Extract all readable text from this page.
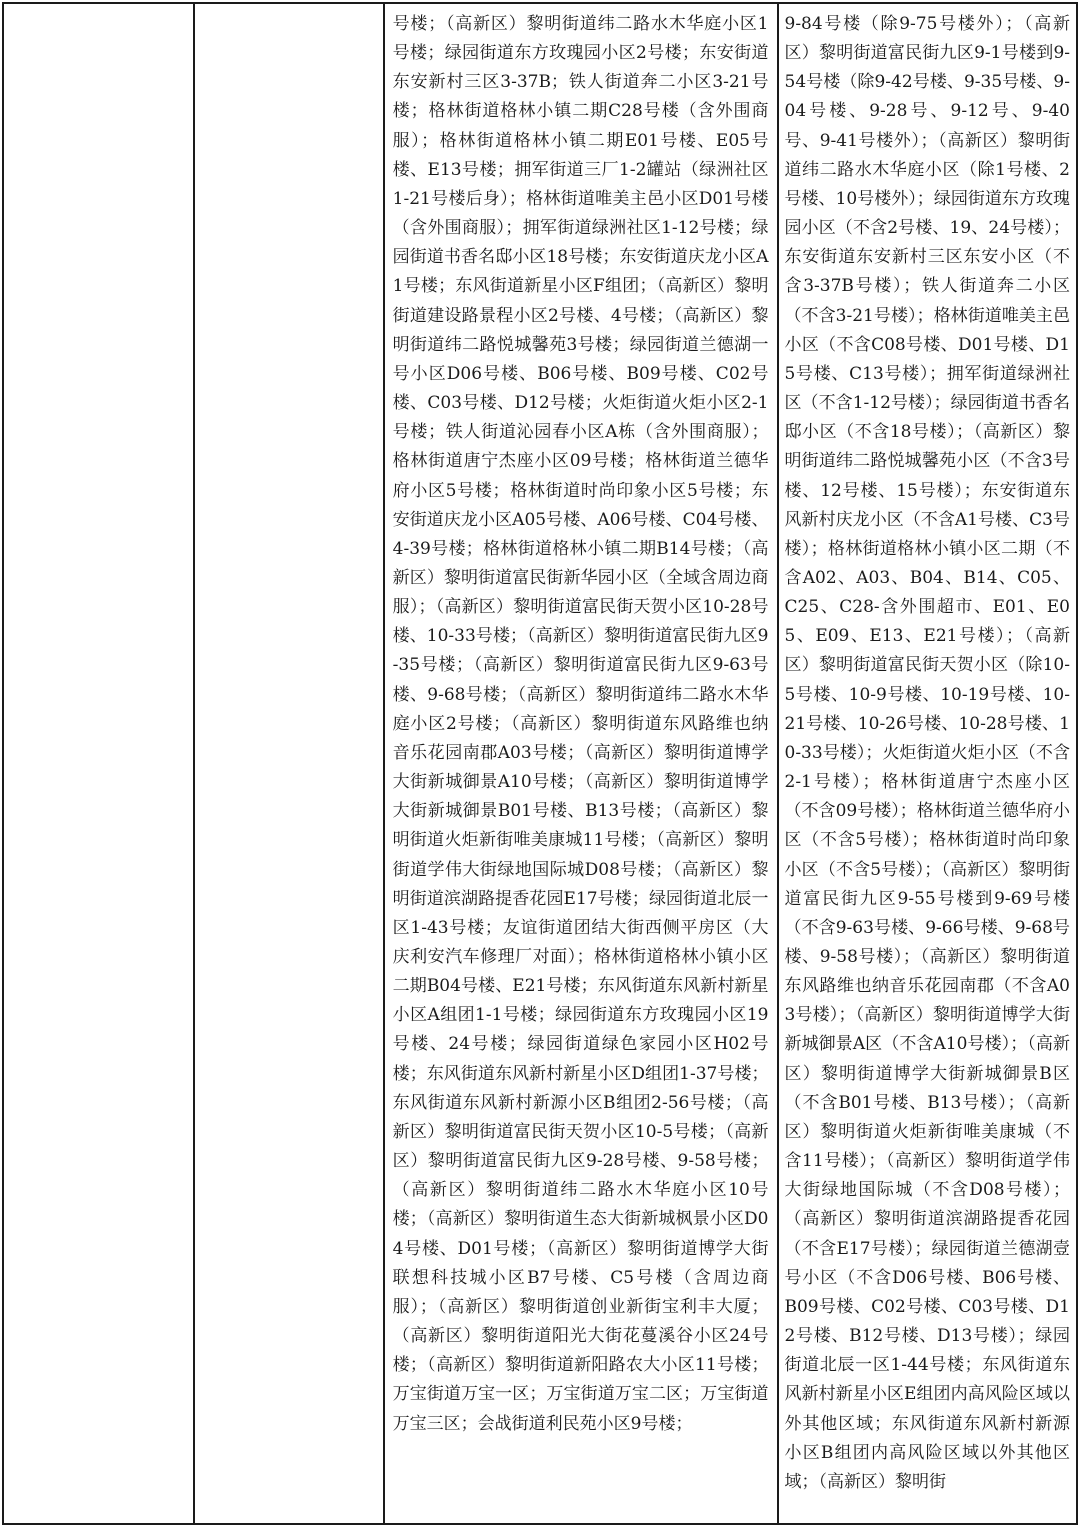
号楼；（高新区）黎明街道纬二路水木华庭小区1号楼；绿园街道东方玫瑰园小区2号楼；东安街道东安新村三区3-37B；铁人街道奔二小区3-21号楼；格林街道格林小镇二期C28号楼（含外围商服）；格林街道格林小镇二期E01号楼、E05号楼、E13号楼；拥军街道三厂1-2罐站（绿洲社区1-21号楼后身）；格林街道唯美主邑小区D01号楼（含外围商服）；拥军街道绿洲社区1-12号楼；绿园街道书香名邸小区18号楼；东安街道庆龙小区A1号楼；东风街道新星小区F组团；（高新区）黎明街道建设路景程小区2号楼、4号楼；（高新区）黎明街道纬二路悦城馨苑3号楼；绿园街道兰德湖一号小区D06号楼、B06号楼、B09号楼、C02号楼、C03号楼、D12号楼；火炬街道火炬小区2-1号楼；铁人街道沁园春小区A栋（含外围商服）；格林街道唐宁杰座小区09号楼；格林街道兰德华府小区5号楼；格林街道时尚印象小区5号楼；东安街道庆龙小区A05号楼、A06号楼、C04号楼、4-39号楼；格林街道格林小镇二期B14号楼；（高新区）黎明街道富民街新华园小区（全域含周边商服）；（高新区）黎明街道富民街天贺小区10-28号楼、10-33号楼；（高新区）黎明街道富民街九区9-35号楼；（高新区）黎明街道富民街九区9-63号楼、9-68号楼；（高新区）黎明街道纬二路水木华庭小区2号楼；（高新区）黎明街道东风路维也纳音乐花园南郡A03号楼；（高新区）黎明街道博学大街新城御景A10号楼；（高新区）黎明街道博学大街新城御景B01号楼、B13号楼；（高新区）黎明街道火炬新街唯美康城11号楼；（高新区）黎明街道学伟大街绿地国际城D08号楼；（高新区）黎明街道滨湖路提香花园E17号楼；绿园街道北辰一区1-43号楼；友谊街道团结大街西侧平房区（大庆利安汽车修理厂对面）；格林街道格林小镇小区二期B04号楼、E21号楼；东风街道东风新村新星小区A组团1-1号楼；绿园街道东方玫瑰园小区19号楼、24号楼；绿园街道绿色家园小区H02号楼；东风街道东风新村新星小区D组团1-37号楼；东风街道东风新村新源小区B组团2-56号楼；（高新区）黎明街道富民街天贺小区10-5号楼；（高新区）黎明街道富民街九区9-28号楼、9-58号楼；（高新区）黎明街道纬二路水木华庭小区10号楼；（高新区）黎明街道生态大街新城枫景小区D04号楼、D01号楼；（高新区）黎明街道博学大街联想科技城小区B7号楼、C5号楼（含周边商服）；（高新区）黎明街道创业新街宝利丰大厦；（高新区）黎明街道阳光大街花蔓溪谷小区24号楼；（高新区）黎明街道新阳路农大小区11号楼；万宝街道万宝一区；万宝街道万宝二区；万宝街道万宝三区；会战街道利民苑小区9号楼；

9-84号楼（除9-75号楼外）；（高新区）黎明街道富民街九区9-1号楼到9-54号楼（除9-42号楼、9-35号楼、9-04号楼、9-28号、9-12号、9-40号、9-41号楼外）；（高新区）黎明街道纬二路水木华庭小区（除1号楼、2号楼、10号楼外）；绿园街道东方玫瑰园小区（不含2号楼、19、24号楼）；东安街道东安新村三区东安小区（不含3-37B号楼）；铁人街道奔二小区（不含3-21号楼）；格林街道唯美主邑小区（不含C08号楼、D01号楼、D15号楼、C13号楼）；拥军街道绿洲社区（不含1-12号楼）；绿园街道书香名邸小区（不含18号楼）；（高新区）黎明街道纬二路悦城馨苑小区（不含3号楼、12号楼、15号楼）；东安街道东风新村庆龙小区（不含A1号楼、C3号楼）；格林街道格林小镇小区二期（不含A02、A03、B04、B14、C05、C25、C28-含外围超市、E01、E05、E09、E13、E21号楼）；（高新区）黎明街道富民街天贺小区（除10-5号楼、10-9号楼、10-19号楼、10-21号楼、10-26号楼、10-28号楼、10-33号楼）；火炬街道火炬小区（不含2-1号楼）；格林街道唐宁杰座小区（不含09号楼）；格林街道兰德华府小区（不含5号楼）；格林街道时尚印象小区（不含5号楼）；（高新区）黎明街道富民街九区9-55号楼到9-69号楼（不含9-63号楼、9-66号楼、9-68号楼、9-58号楼）；（高新区）黎明街道东风路维也纳音乐花园南郡（不含A03号楼）；（高新区）黎明街道博学大街新城御景A区（不含A10号楼）；（高新区）黎明街道博学大街新城御景B区（不含B01号楼、B13号楼）；（高新区）黎明街道火炬新街唯美康城（不含11号楼）；（高新区）黎明街道学伟大街绿地国际城（不含D08号楼）；（高新区）黎明街道滨湖路提香花园（不含E17号楼）；绿园街道兰德湖壹号小区（不含D06号楼、B06号楼、B09号楼、C02号楼、C03号楼、D12号楼、B12号楼、D13号楼）；绿园街道北辰一区1-44号楼；东风街道东风新村新星小区E组团内高风险区域以外其他区域；东风街道东风新村新源小区B组团内高风险区域以外其他区域；（高新区）黎明街
